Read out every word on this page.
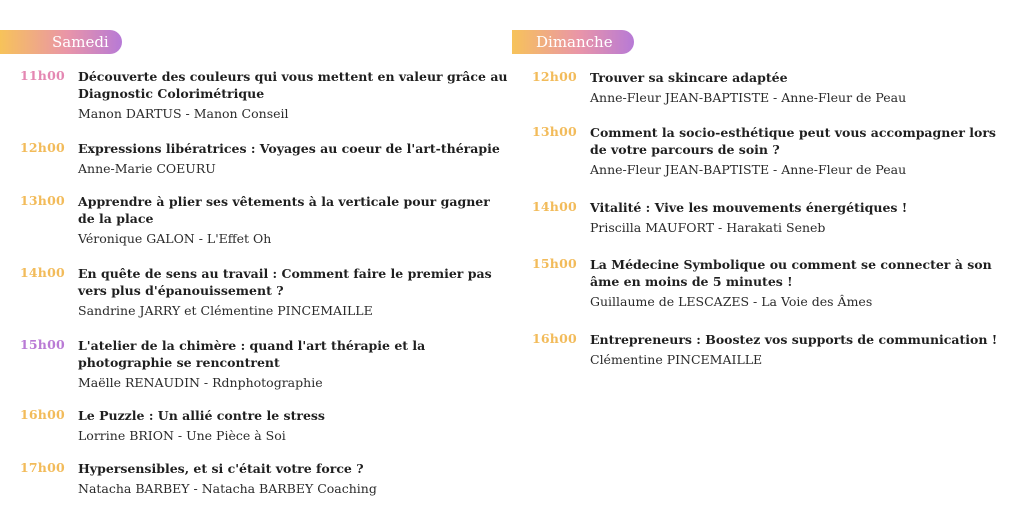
Samedi
11h00 Découverte des couleurs qui vous mettent en valeur grâce au Diagnostic Colorimétrique
Manon DARTUS - Manon Conseil
12h00 Expressions libératrices : Voyages au coeur de l'art-thérapie
Anne-Marie COEURU
13h00 Apprendre à plier ses vêtements à la verticale pour gagner de la place
Véronique GALON - L'Effet Oh
14h00 En quête de sens au travail : Comment faire le premier pas vers plus d'épanouissement ?
Sandrine JARRY et Clémentine PINCEMAILLE
15h00 L'atelier de la chimère : quand l'art thérapie et la photographie se rencontrent
Maëlle RENAUDIN - Rdnphotographie
16h00 Le Puzzle : Un allié contre le stress
Lorrine BRION - Une Pièce à Soi
17h00 Hypersensibles, et si c'était votre force ?
Natacha BARBEY - Natacha BARBEY Coaching
Dimanche
12h00 Trouver sa skincare adaptée
Anne-Fleur JEAN-BAPTISTE - Anne-Fleur de Peau
13h00 Comment la socio-esthétique peut vous accompagner lors de votre parcours de soin ?
Anne-Fleur JEAN-BAPTISTE - Anne-Fleur de Peau
14h00 Vitalité : Vive les mouvements énergétiques !
Priscilla MAUFORT - Harakati Seneb
15h00 La Médecine Symbolique ou comment se connecter à son âme en moins de 5 minutes !
Guillaume de LESCAZES - La Voie des Âmes
16h00 Entrepreneurs : Boostez vos supports de communication !
Clémentine PINCEMAILLE
